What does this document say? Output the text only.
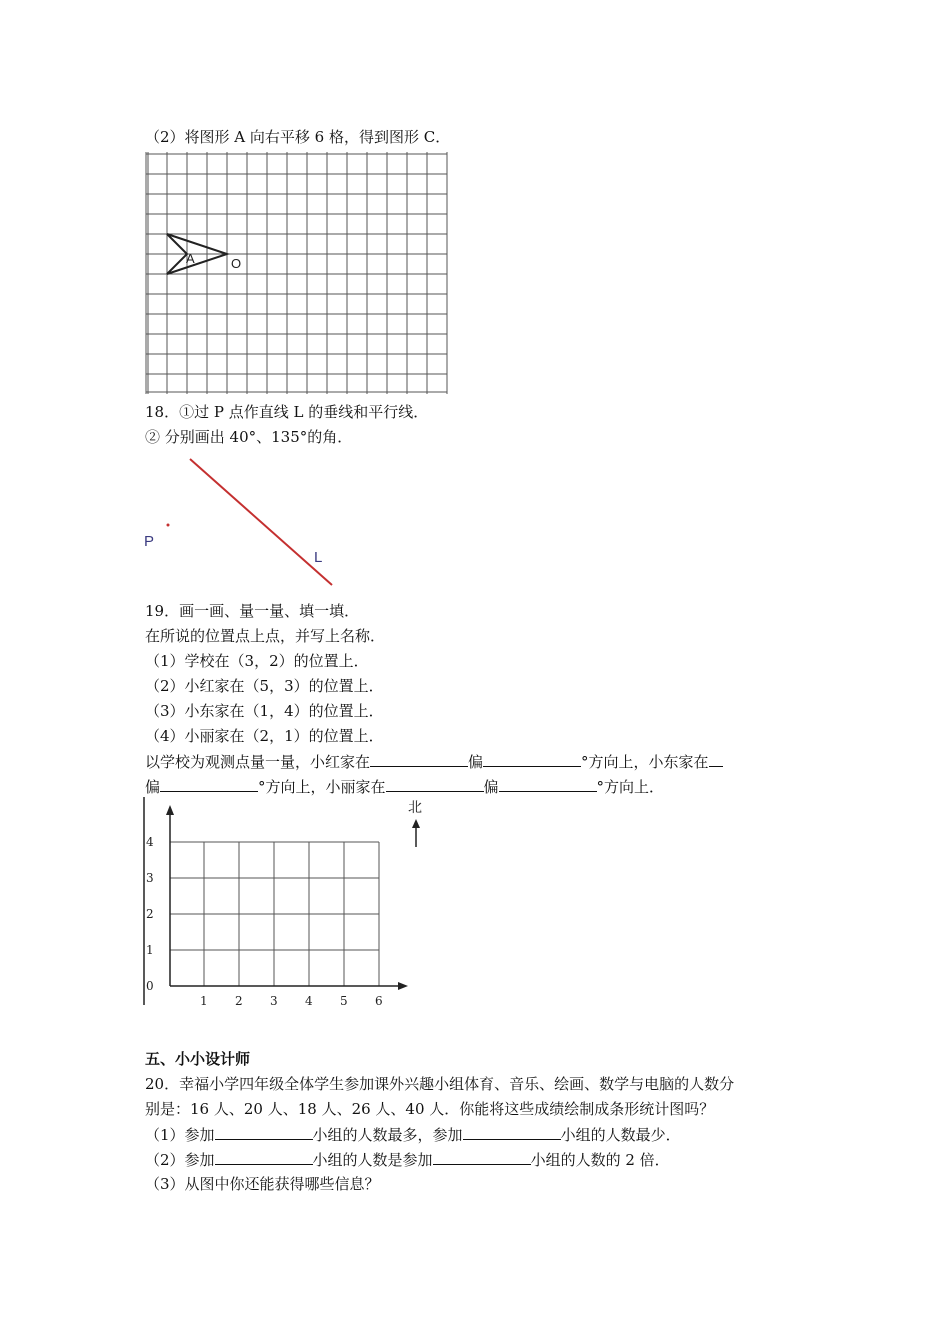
（2）将图形 A 向右平移 6 格，得到图形 C．
A	O
18．①过 P 点作直线 L 的垂线和平行线．
② 分别画出 40°、135°的角．
P
L
19．画一画、量一量、填一填．
在所说的位置点上点，并写上名称．
（1）学校在（3，2）的位置上．
（2）小红家在（5，3）的位置上．
（3）小东家在（1，4）的位置上．
（4）小丽家在（2，1）的位置上．
以学校为观测点量一量，小红家在	偏	°方向上，小东家在
偏	°方向上，小丽家在	偏	°方向上．
4
3
2
1
0
1 2 3 4 5 6
北
五、小小设计师
20．幸福小学四年级全体学生参加课外兴趣小组体育、音乐、绘画、数学与电脑的人数分
别是：16 人、20 人、18 人、26 人、40 人．你能将这些成绩绘制成条形统计图吗？
（1）参加	小组的人数最多，参加	小组的人数最少．
（2）参加	小组的人数是参加	小组的人数的 2 倍．
（3）从图中你还能获得哪些信息？
